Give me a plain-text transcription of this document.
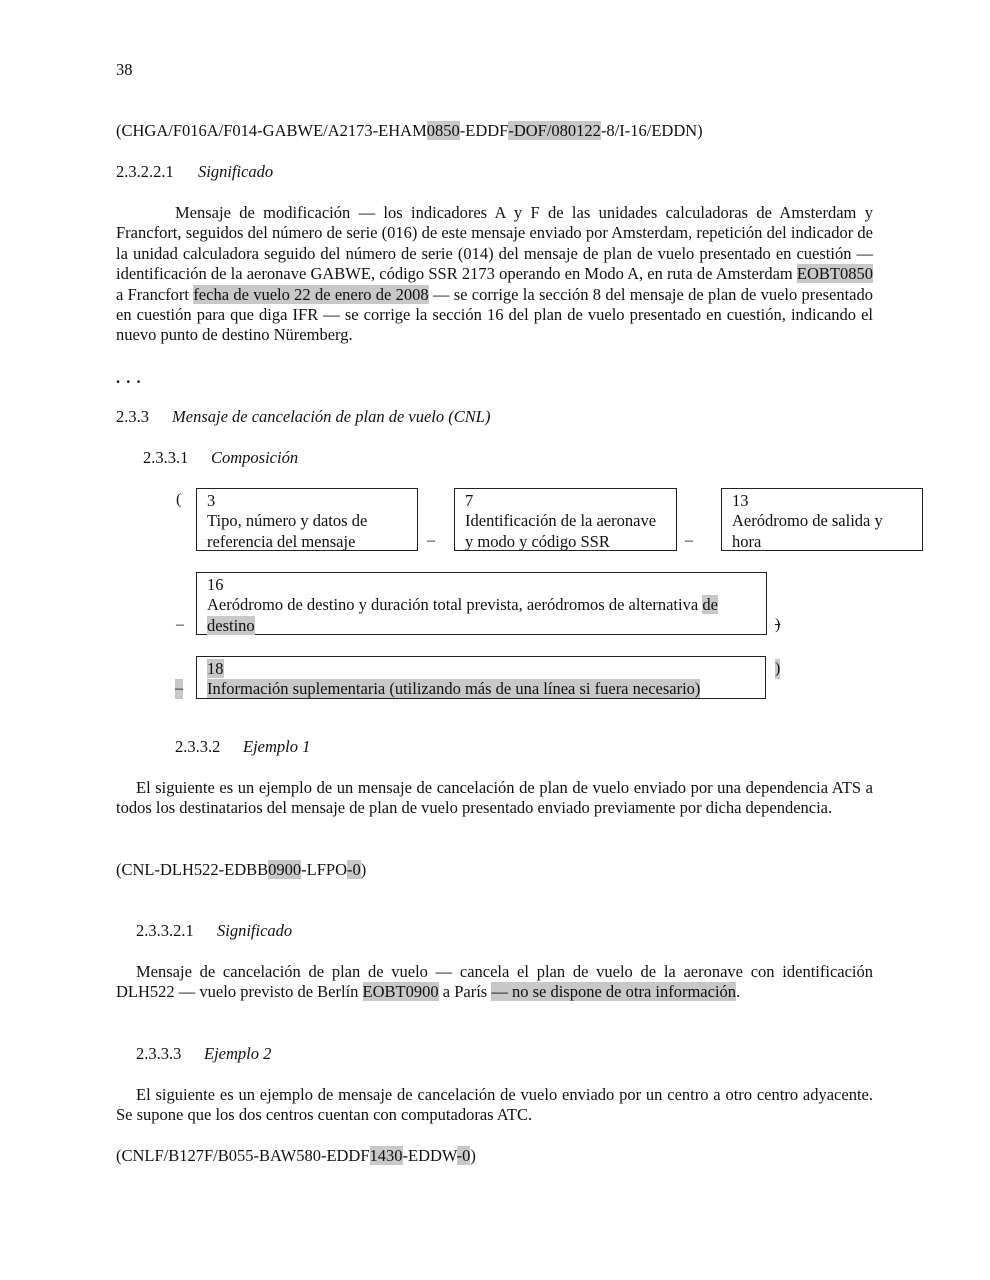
38
(CHGA/F016A/F014-GABWE/A2173-EHAM0850-EDDF-DOF/080122-8/I-16/EDDN)
2.3.2.2.1 Significado
Mensaje de modificación — los indicadores A y F de las unidades calculadoras de Amsterdam y Francfort, seguidos del número de serie (016) de este mensaje enviado por Amsterdam, repetición del indicador de la unidad calculadora seguido del número de serie (014) del mensaje de plan de vuelo presentado en cuestión — identificación de la aeronave GABWE, código SSR 2173 operando en Modo A, en ruta de Amsterdam EOBT0850 a Francfort fecha de vuelo 22 de enero de 2008 — se corrige la sección 8 del mensaje de plan de vuelo presentado en cuestión para que diga IFR — se corrige la sección 16 del plan de vuelo presentado en cuestión, indicando el nuevo punto de destino Nüremberg.
. . .
2.3.3 Mensaje de cancelación de plan de vuelo (CNL)
2.3.3.1 Composición
( 3
Tipo, número y datos de
referencia del mensaje	–
7
Identificación de la aeronave
y modo y código SSR	–
13
Aeródromo de salida y
hora
–
16
Aeródromo de destino y duración total prevista, aeródromos de alternativa de
destino	)
–
18
Información suplementaria (utilizando más de una línea si fuera necesario)
)
2.3.3.2 Ejemplo 1
El siguiente es un ejemplo de un mensaje de cancelación de plan de vuelo enviado por una dependencia ATS a todos los destinatarios del mensaje de plan de vuelo presentado enviado previamente por dicha dependencia.
(CNL-DLH522-EDBB0900-LFPO-0)
2.3.3.2.1 Significado
Mensaje de cancelación de plan de vuelo — cancela el plan de vuelo de la aeronave con identificación DLH522 — vuelo previsto de Berlín EOBT0900 a París — no se dispone de otra información.
2.3.3.3 Ejemplo 2
El siguiente es un ejemplo de mensaje de cancelación de vuelo enviado por un centro a otro centro adyacente. Se supone que los dos centros cuentan con computadoras ATC.
(CNLF/B127F/B055-BAW580-EDDF1430-EDDW-0)
